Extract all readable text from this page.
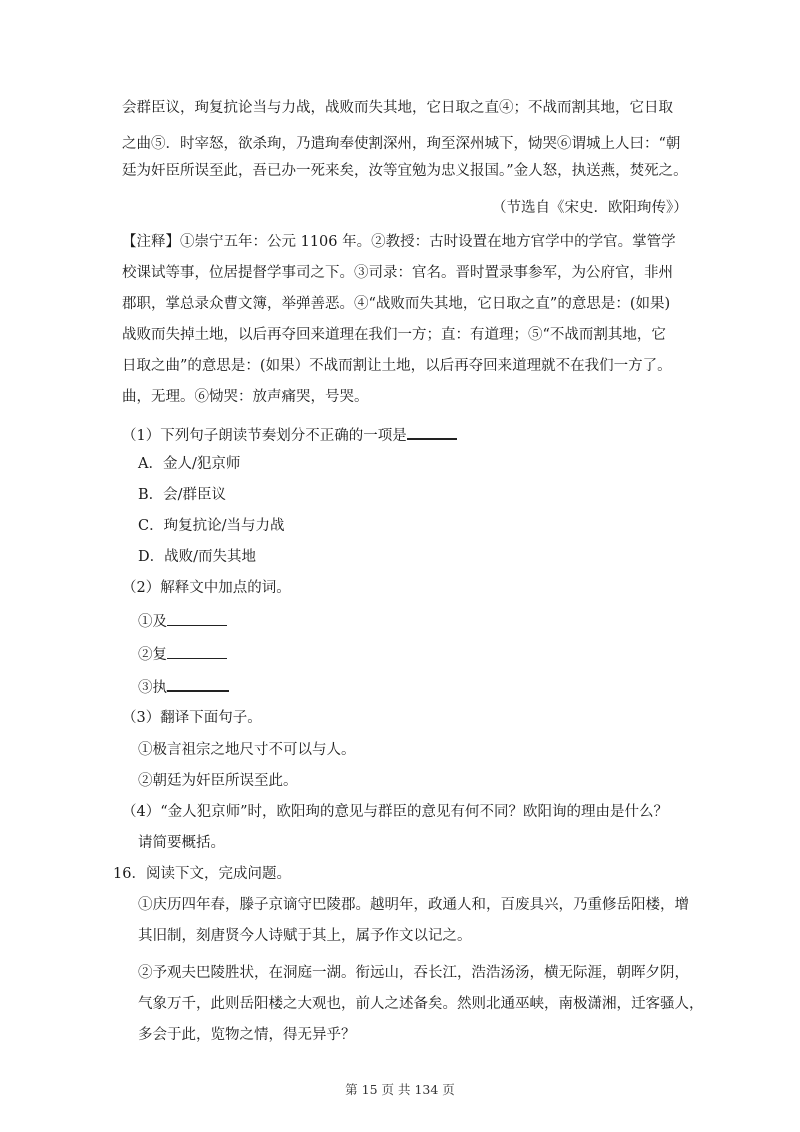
会群臣议，珣复抗论当与力战，战败而失其地，它日取之直④；不战而割其地，它日取
之曲⑤．时宰怒，欲杀珣，乃遣珣奉使割深州，珣至深州城下，恸哭⑥谓城上人曰：“朝
廷为奸臣所误至此，吾已办一死来矣，汝等宜勉为忠义报国。”金人怒，执送燕，焚死之。
（节选自《宋史．欧阳珣传》）
【注释】①崇宁五年：公元 1106 年。②教授：古时设置在地方官学中的学官。掌管学
校课试等事，位居提督学事司之下。③司录：官名。晋时置录事参军，为公府官，非州
郡职，掌总录众曹文簿，举弹善恶。④“战败而失其地，它日取之直”的意思是：(如果)
战败而失掉土地，以后再夺回来道理在我们一方；直：有道理；⑤“不战而割其地，它
日取之曲”的意思是：(如果）不战而割让土地，以后再夺回来道理就不在我们一方了。
曲，无理。⑥恸哭：放声痛哭，号哭。
（1）下列句子朗读节奏划分不正确的一项是
A．金人/犯京师
B．会/群臣议
C．珣复抗论/当与力战
D．战败/而失其地
（2）解释文中加点的词。
①及
②复
③执
（3）翻译下面句子。
①极言祖宗之地尺寸不可以与人。
②朝廷为奸臣所误至此。
（4）“金人犯京师”时，欧阳珣的意见与群臣的意见有何不同？欧阳询的理由是什么？
请简要概括。
16．阅读下文，完成问题。
①庆历四年春，滕子京谪守巴陵郡。越明年，政通人和，百废具兴，乃重修岳阳楼，增
其旧制，刻唐贤今人诗赋于其上，属予作文以记之。
②予观夫巴陵胜状，在洞庭一湖。衔远山，吞长江，浩浩汤汤，横无际涯，朝晖夕阴，
气象万千，此则岳阳楼之大观也，前人之述备矣。然则北通巫峡，南极潇湘，迁客骚人，
多会于此，览物之情，得无异乎？
第 15 页 共 134 页
